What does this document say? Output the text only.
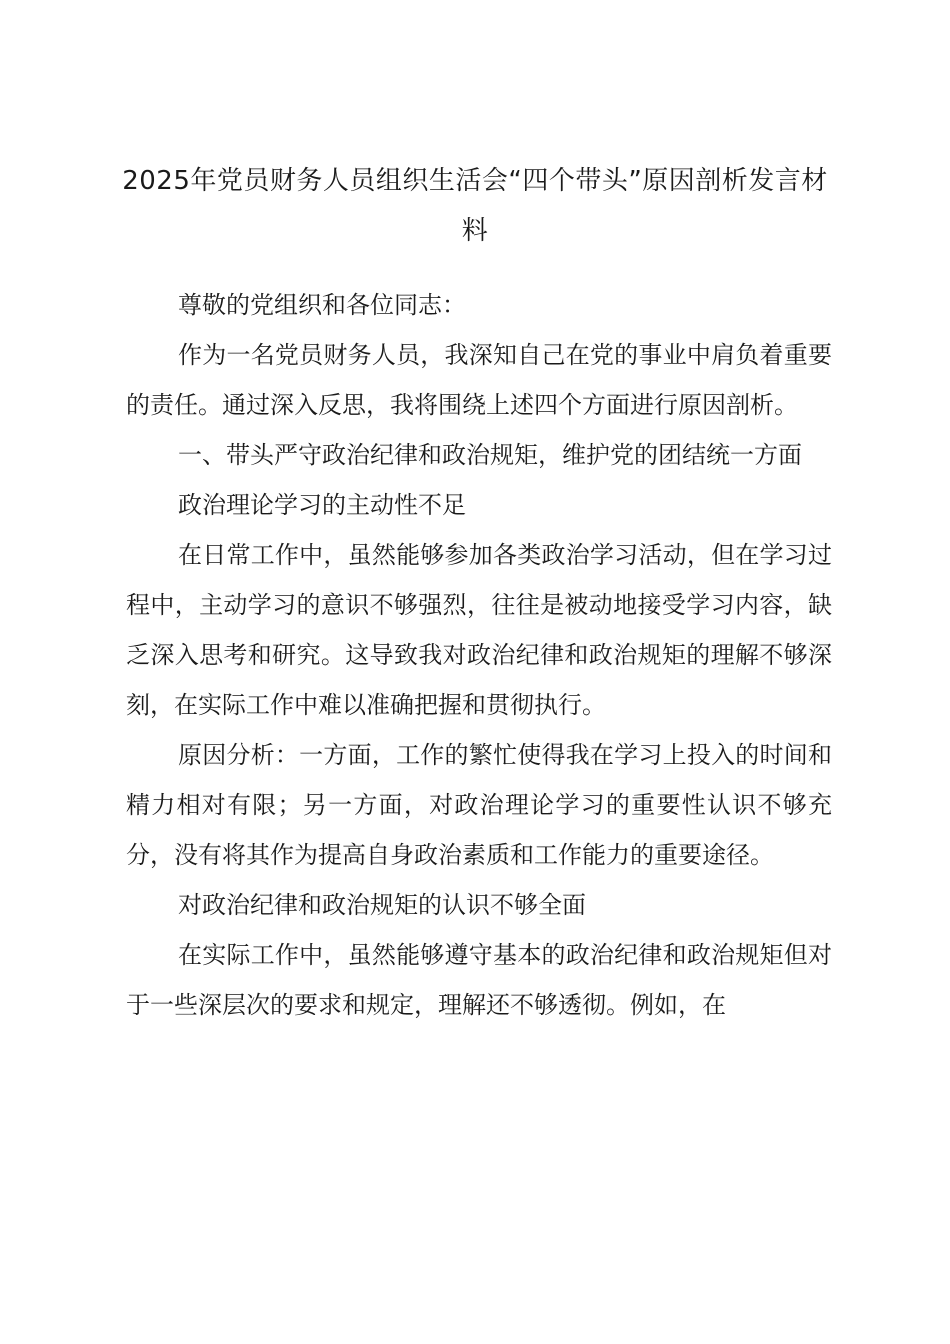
2025年党员财务人员组织生活会“四个带头”原因剖析发言材料

尊敬的党组织和各位同志：

作为一名党员财务人员，我深知自己在党的事业中肩负着重要的责任。通过深入反思，我将围绕上述四个方面进行原因剖析。

一、带头严守政治纪律和政治规矩，维护党的团结统一方面

政治理论学习的主动性不足

在日常工作中，虽然能够参加各类政治学习活动，但在学习过程中，主动学习的意识不够强烈，往往是被动地接受学习内容，缺乏深入思考和研究。这导致我对政治纪律和政治规矩的理解不够深刻，在实际工作中难以准确把握和贯彻执行。

原因分析：一方面，工作的繁忙使得我在学习上投入的时间和精力相对有限；另一方面，对政治理论学习的重要性认识不够充分，没有将其作为提高自身政治素质和工作能力的重要途径。

对政治纪律和政治规矩的认识不够全面

在实际工作中，虽然能够遵守基本的政治纪律和政治规矩但对于一些深层次的要求和规定，理解还不够透彻。例如，在
